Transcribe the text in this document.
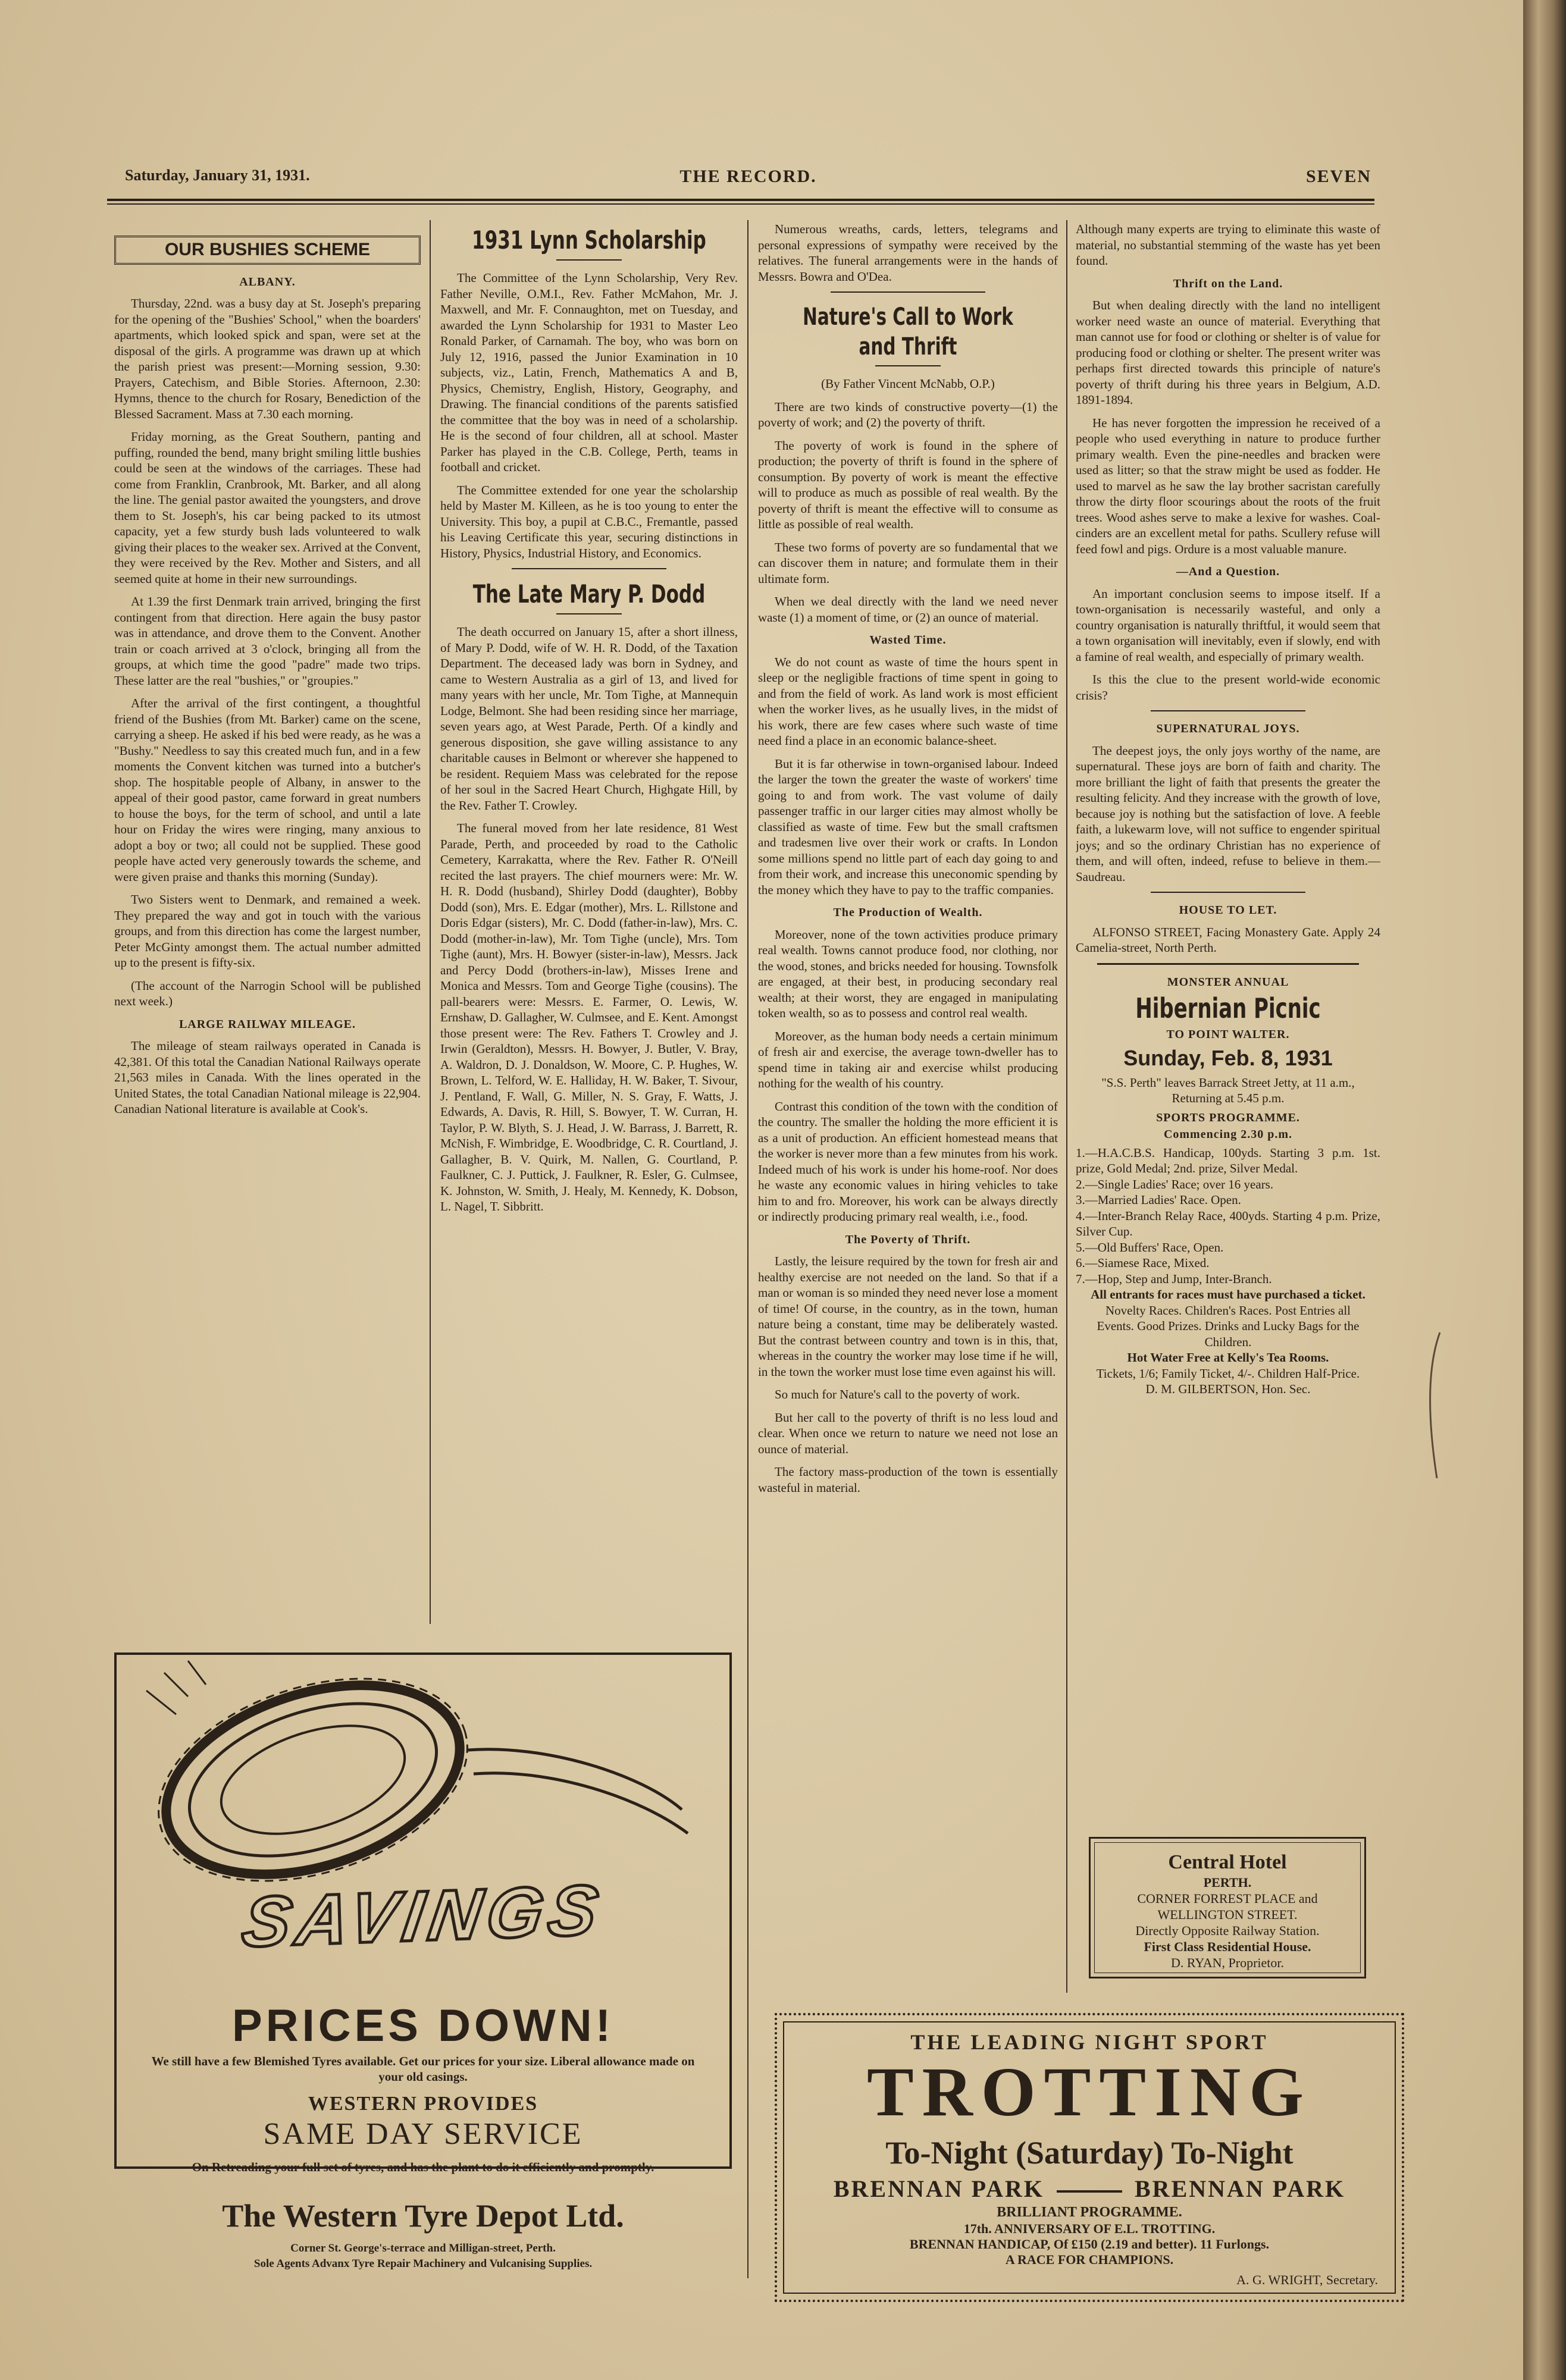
Saturday, January 31, 1931.	THE RECORD.	SEVEN
OUR BUSHIES SCHEME
ALBANY.

Thursday, 22nd. was a busy day at St. Joseph's preparing for the opening of the "Bushies' School," when the boarders' apartments, which looked spick and span, were set at the disposal of the girls. A programme was drawn up at which the parish priest was present:—Morning session, 9.30: Prayers, Catechism, and Bible Stories. Afternoon, 2.30: Hymns, thence to the church for Rosary, Benediction of the Blessed Sacrament. Mass at 7.30 each morning.

Friday morning, as the Great Southern, panting and puffing, rounded the bend, many bright smiling little bushies could be seen at the windows of the carriages. These had come from Franklin, Cranbrook, Mt. Barker, and all along the line. The genial pastor awaited the youngsters, and drove them to St. Joseph's, his car being packed to its utmost capacity, yet a few sturdy bush lads volunteered to walk giving their places to the weaker sex. Arrived at the Convent, they were received by the Rev. Mother and Sisters, and all seemed quite at home in their new surroundings.

At 1.39 the first Denmark train arrived, bringing the first contingent from that direction. Here again the busy pastor was in attendance, and drove them to the Convent. Another train or coach arrived at 3 o'clock, bringing all from the groups, at which time the good "padre" made two trips. These latter are the real "bushies," or "groupies."

After the arrival of the first contingent, a thoughtful friend of the Bushies (from Mt. Barker) came on the scene, carrying a sheep. He asked if his bed were ready, as he was a "Bushy." Needless to say this created much fun, and in a few moments the Convent kitchen was turned into a butcher's shop. The hospitable people of Albany, in answer to the appeal of their good pastor, came forward in great numbers to house the boys, for the term of school, and until a late hour on Friday the wires were ringing, many anxious to adopt a boy or two; all could not be supplied. These good people have acted very generously towards the scheme, and were given praise and thanks this morning (Sunday).

Two Sisters went to Denmark, and remained a week. They prepared the way and got in touch with the various groups, and from this direction has come the largest number, Peter McGinty amongst them. The actual number admitted up to the present is fifty-six.

(The account of the Narrogin School will be published next week.)

LARGE RAILWAY MILEAGE.

The mileage of steam railways operated in Canada is 42,381. Of this total the Canadian National Railways operate 21,563 miles in Canada. With the lines operated in the United States, the total Canadian National mileage is 22,904. Canadian National literature is available at Cook's.

1931 Lynn Scholarship

The Committee of the Lynn Scholarship, Very Rev. Father Neville, O.M.I., Rev. Father McMahon, Mr. J. Maxwell, and Mr. F. Connaughton, met on Tuesday, and awarded the Lynn Scholarship for 1931 to Master Leo Ronald Parker, of Carnamah. The boy, who was born on July 12, 1916, passed the Junior Examination in 10 subjects, viz., Latin, French, Mathematics A and B, Physics, Chemistry, English, History, Geography, and Drawing. The financial conditions of the parents satisfied the committee that the boy was in need of a scholarship. He is the second of four children, all at school. Master Parker has played in the C.B. College, Perth, teams in football and cricket.

The Committee extended for one year the scholarship held by Master M. Killeen, as he is too young to enter the University. This boy, a pupil at C.B.C., Fremantle, passed his Leaving Certificate this year, securing distinctions in History, Physics, Industrial History, and Economics.

The Late Mary P. Dodd

The death occurred on January 15, after a short illness, of Mary P. Dodd, wife of W. H. R. Dodd, of the Taxation Department. The deceased lady was born in Sydney, and came to Western Australia as a girl of 13, and lived for many years with her uncle, Mr. Tom Tighe, at Mannequin Lodge, Belmont. She had been residing since her marriage, seven years ago, at West Parade, Perth. Of a kindly and generous disposition, she gave willing assistance to any charitable causes in Belmont or wherever she happened to be resident. Requiem Mass was celebrated for the repose of her soul in the Sacred Heart Church, Highgate Hill, by the Rev. Father T. Crowley.

The funeral moved from her late residence, 81 West Parade, Perth, and proceeded by road to the Catholic Cemetery, Karrakatta, where the Rev. Father R. O'Neill recited the last prayers. The chief mourners were: Mr. W. H. R. Dodd (husband), Shirley Dodd (daughter), Bobby Dodd (son), Mrs. E. Edgar (mother), Mrs. L. Rillstone and Doris Edgar (sisters), Mr. C. Dodd (father-in-law), Mrs. C. Dodd (mother-in-law), Mr. Tom Tighe (uncle), Mrs. Tom Tighe (aunt), Mrs. H. Bowyer (sister-in-law), Messrs. Jack and Percy Dodd (brothers-in-law), Misses Irene and Monica and Messrs. Tom and George Tighe (cousins). The pall-bearers were: Messrs. E. Farmer, O. Lewis, W. Ernshaw, D. Gallagher, W. Culmsee, and E. Kent. Amongst those present were: The Rev. Fathers T. Crowley and J. Irwin (Geraldton), Messrs. H. Bowyer, J. Butler, V. Bray, A. Waldron, D. J. Donaldson, W. Moore, C. P. Hughes, W. Brown, L. Telford, W. E. Halliday, H. W. Baker, T. Sivour, J. Pentland, F. Wall, G. Miller, N. S. Gray, F. Watts, J. Edwards, A. Davis, R. Hill, S. Bowyer, T. W. Curran, H. Taylor, P. W. Blyth, S. J. Head, J. W. Barrass, J. Barrett, R. McNish, F. Wimbridge, E. Woodbridge, C. R. Courtland, J. Gallagher, B. V. Quirk, M. Nallen, G. Courtland, P. Faulkner, C. J. Puttick, J. Faulkner, R. Esler, G. Culmsee, K. Johnston, W. Smith, J. Healy, M. Kennedy, K. Dobson, L. Nagel, T. Sibbritt.

Numerous wreaths, cards, letters, telegrams and personal expressions of sympathy were received by the relatives. The funeral arrangements were in the hands of Messrs. Bowra and O'Dea.

Nature's Call to Work and Thrift

(By Father Vincent McNabb, O.P.)

There are two kinds of constructive poverty—(1) the poverty of work; and (2) the poverty of thrift.

The poverty of work is found in the sphere of production; the poverty of thrift is found in the sphere of consumption. By poverty of work is meant the effective will to produce as much as possible of real wealth. By the poverty of thrift is meant the effective will to consume as little as possible of real wealth.

These two forms of poverty are so fundamental that we can discover them in nature; and formulate them in their ultimate form.

When we deal directly with the land we need never waste (1) a moment of time, or (2) an ounce of material.

Wasted Time.

We do not count as waste of time the hours spent in sleep or the negligible fractions of time spent in going to and from the field of work. As land work is most efficient when the worker lives, as he usually lives, in the midst of his work, there are few cases where such waste of time need find a place in an economic balance-sheet.

But it is far otherwise in town-organised labour. Indeed the larger the town the greater the waste of workers' time going to and from work. The vast volume of daily passenger traffic in our larger cities may almost wholly be classified as waste of time. Few but the small craftsmen and tradesmen live over their work or crafts. In London some millions spend no little part of each day going to and from their work, and increase this uneconomic spending by the money which they have to pay to the traffic companies.

The Production of Wealth.

Moreover, none of the town activities produce primary real wealth. Towns cannot produce food, nor clothing, nor the wood, stones, and bricks needed for housing. Townsfolk are engaged, at their best, in producing secondary real wealth; at their worst, they are engaged in manipulating token wealth, so as to possess and control real wealth.

Moreover, as the human body needs a certain minimum of fresh air and exercise, the average town-dweller has to spend time in taking air and exercise whilst producing nothing for the wealth of his country.

Contrast this condition of the town with the condition of the country. The smaller the holding the more efficient it is as a unit of production. An efficient homestead means that the worker is never more than a few minutes from his work. Indeed much of his work is under his home-roof. Nor does he waste any economic values in hiring vehicles to take him to and fro. Moreover, his work can be always directly or indirectly producing primary real wealth, i.e., food.

The Poverty of Thrift.

Lastly, the leisure required by the town for fresh air and healthy exercise are not needed on the land. So that if a man or woman is so minded they need never lose a moment of time! Of course, in the country, as in the town, human nature being a constant, time may be deliberately wasted. But the contrast between country and town is in this, that, whereas in the country the worker may lose time if he will, in the town the worker must lose time even against his will.

So much for Nature's call to the poverty of work.

But her call to the poverty of thrift is no less loud and clear. When once we return to nature we need not lose an ounce of material.

The factory mass-production of the town is essentially wasteful in material.

Although many experts are trying to eliminate this waste of material, no substantial stemming of the waste has yet been found.

Thrift on the Land.

But when dealing directly with the land no intelligent worker need waste an ounce of material. Everything that man cannot use for food or clothing or shelter is of value for producing food or clothing or shelter. The present writer was perhaps first directed towards this principle of nature's poverty of thrift during his three years in Belgium, A.D. 1891-1894.

He has never forgotten the impression he received of a people who used everything in nature to produce further primary wealth. Even the pine-needles and bracken were used as litter; so that the straw might be used as fodder. He used to marvel as he saw the lay brother sacristan carefully throw the dirty floor scourings about the roots of the fruit trees. Wood ashes serve to make a lexive for washes. Coal-cinders are an excellent metal for paths. Scullery refuse will feed fowl and pigs. Ordure is a most valuable manure.

—And a Question.

An important conclusion seems to impose itself. If a town-organisation is necessarily wasteful, and only a country organisation is naturally thriftful, it would seem that a town organisation will inevitably, even if slowly, end with a famine of real wealth, and especially of primary wealth.

Is this the clue to the present world-wide economic crisis?

SUPERNATURAL JOYS.

The deepest joys, the only joys worthy of the name, are supernatural. These joys are born of faith and charity. The more brilliant the light of faith that presents the greater the resulting felicity. And they increase with the growth of love, because joy is nothing but the satisfaction of love. A feeble faith, a lukewarm love, will not suffice to engender spiritual joys; and so the ordinary Christian has no experience of them, and will often, indeed, refuse to believe in them.—Saudreau.

HOUSE TO LET.

ALFONSO STREET, Facing Monastery Gate. Apply 24 Camelia-street, North Perth.

MONSTER ANNUAL
Hibernian Picnic
TO POINT WALTER.
Sunday, Feb. 8, 1931

"S.S. Perth" leaves Barrack Street Jetty, at 11 a.m., Returning at 5.45 p.m.

SPORTS PROGRAMME.
Commencing 2.30 p.m.

1.—H.A.C.B.S. Handicap, 100yds. Starting 3 p.m. 1st. prize, Gold Medal; 2nd. prize, Silver Medal.

2.—Single Ladies' Race; over 16 years.

3.—Married Ladies' Race. Open.

4.—Inter-Branch Relay Race, 400yds. Starting 4 p.m. Prize, Silver Cup.

5.—Old Buffers' Race, Open.

6.—Siamese Race, Mixed.

7.—Hop, Step and Jump, Inter-Branch.

All entrants for races must have purchased a ticket.

Novelty Races. Children's Races. Post Entries all Events. Good Prizes. Drinks and Lucky Bags for the Children.

Hot Water Free at Kelly's Tea Rooms.

Tickets, 1/6; Family Ticket, 4/-. Children Half-Price.

D. M. GILBERTSON, Hon. Sec.

Central Hotel
PERTH.
CORNER FORREST PLACE and WELLINGTON STREET.
Directly Opposite Railway Station.
First Class Residential House.
D. RYAN, Proprietor.
SAVINGS
PRICES DOWN!
We still have a few Blemished Tyres available. Get our prices for your size. Liberal allowance made on your old casings.
WESTERN PROVIDES
SAME DAY SERVICE
On Retreading your full set of tyres, and has the plant to do it efficiently and promptly.
The Western Tyre Depot Ltd.
Corner St. George's-terrace and Milligan-street, Perth.
Sole Agents Advanx Tyre Repair Machinery and Vulcanising Supplies.
THE LEADING NIGHT SPORT
TROTTING
To-Night (Saturday) To-Night
BRENNAN PARK	BRENNAN PARK
BRILLIANT PROGRAMME.
17th. ANNIVERSARY OF E.L. TROTTING.
BRENNAN HANDICAP, Of £150 (2.19 and better). 11 Furlongs.
A RACE FOR CHAMPIONS.
A. G. WRIGHT, Secretary.
